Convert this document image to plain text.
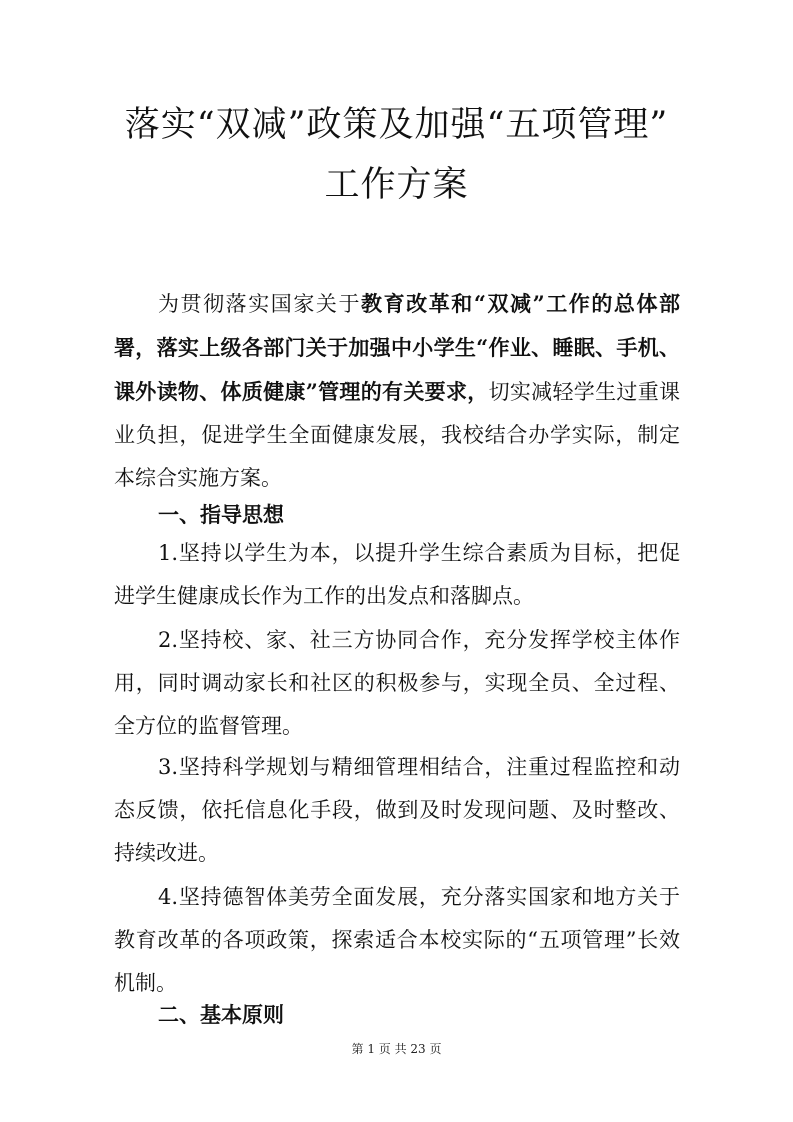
落实“双减”政策及加强“五项管理”
工作方案

为贯彻落实国家关于教育改革和“双减”工作的总体部署，落实上级各部门关于加强中小学生“作业、睡眠、手机、课外读物、体质健康”管理的有关要求，切实减轻学生过重课业负担，促进学生全面健康发展，我校结合办学实际，制定本综合实施方案。

一、指导思想

1.坚持以学生为本，以提升学生综合素质为目标，把促进学生健康成长作为工作的出发点和落脚点。

2.坚持校、家、社三方协同合作，充分发挥学校主体作用，同时调动家长和社区的积极参与，实现全员、全过程、全方位的监督管理。

3.坚持科学规划与精细管理相结合，注重过程监控和动态反馈，依托信息化手段，做到及时发现问题、及时整改、持续改进。

4.坚持德智体美劳全面发展，充分落实国家和地方关于教育改革的各项政策，探索适合本校实际的“五项管理”长效机制。

二、基本原则
第 1 页 共 23 页
